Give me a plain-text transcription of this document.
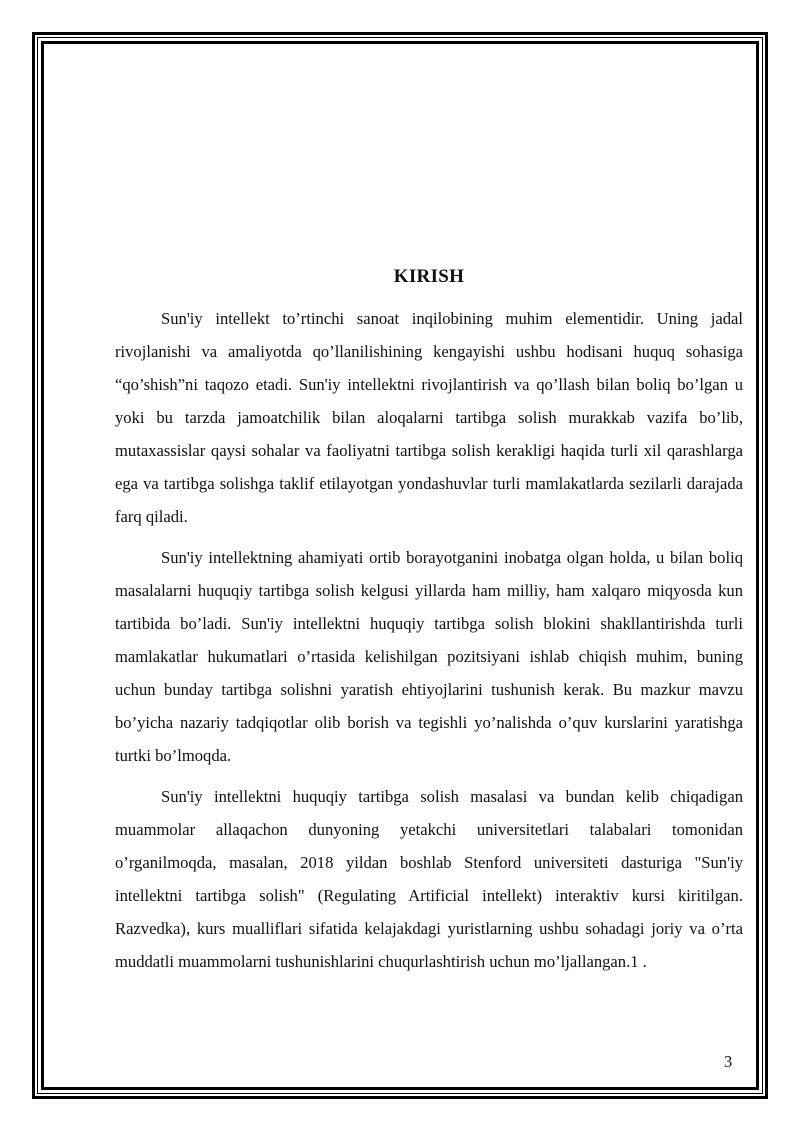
KIRISH

Sun'iy intellekt to’rtinchi sanoat inqilobining muhim elementidir. Uning jadal rivojlanishi va amaliyotda qo’llanilishining kengayishi ushbu hodisani huquq sohasiga “qo’shish”ni taqozo etadi. Sun'iy intellektni rivojlantirish va qo’llash bilan boliq bo’lgan u yoki bu tarzda jamoatchilik bilan aloqalarni tartibga solish murakkab vazifa bo’lib, mutaxassislar qaysi sohalar va faoliyatni tartibga solish kerakligi haqida turli xil qarashlarga ega va tartibga solishga taklif etilayotgan yondashuvlar turli mamlakatlarda sezilarli darajada farq qiladi.

Sun'iy intellektning ahamiyati ortib borayotganini inobatga olgan holda, u bilan boliq masalalarni huquqiy tartibga solish kelgusi yillarda ham milliy, ham xalqaro miqyosda kun tartibida bo’ladi. Sun'iy intellektni huquqiy tartibga solish blokini shakllantirishda turli mamlakatlar hukumatlari o’rtasida kelishilgan pozitsiyani ishlab chiqish muhim, buning uchun bunday tartibga solishni yaratish ehtiyojlarini tushunish kerak. Bu mazkur mavzu bo’yicha nazariy tadqiqotlar olib borish va tegishli yo’nalishda o’quv kurslarini yaratishga turtki bo’lmoqda.

Sun'iy intellektni huquqiy tartibga solish masalasi va bundan kelib chiqadigan muammolar allaqachon dunyoning yetakchi universitetlari talabalari tomonidan o’rganilmoqda, masalan, 2018 yildan boshlab Stenford universiteti dasturiga "Sun'iy intellektni tartibga solish" (Regulating Artificial intellekt) interaktiv kursi kiritilgan. Razvedka), kurs mualliflari sifatida kelajakdagi yuristlarning ushbu sohadagi joriy va o’rta muddatli muammolarni tushunishlarini chuqurlashtirish uchun mo’ljallangan.1 .

3
